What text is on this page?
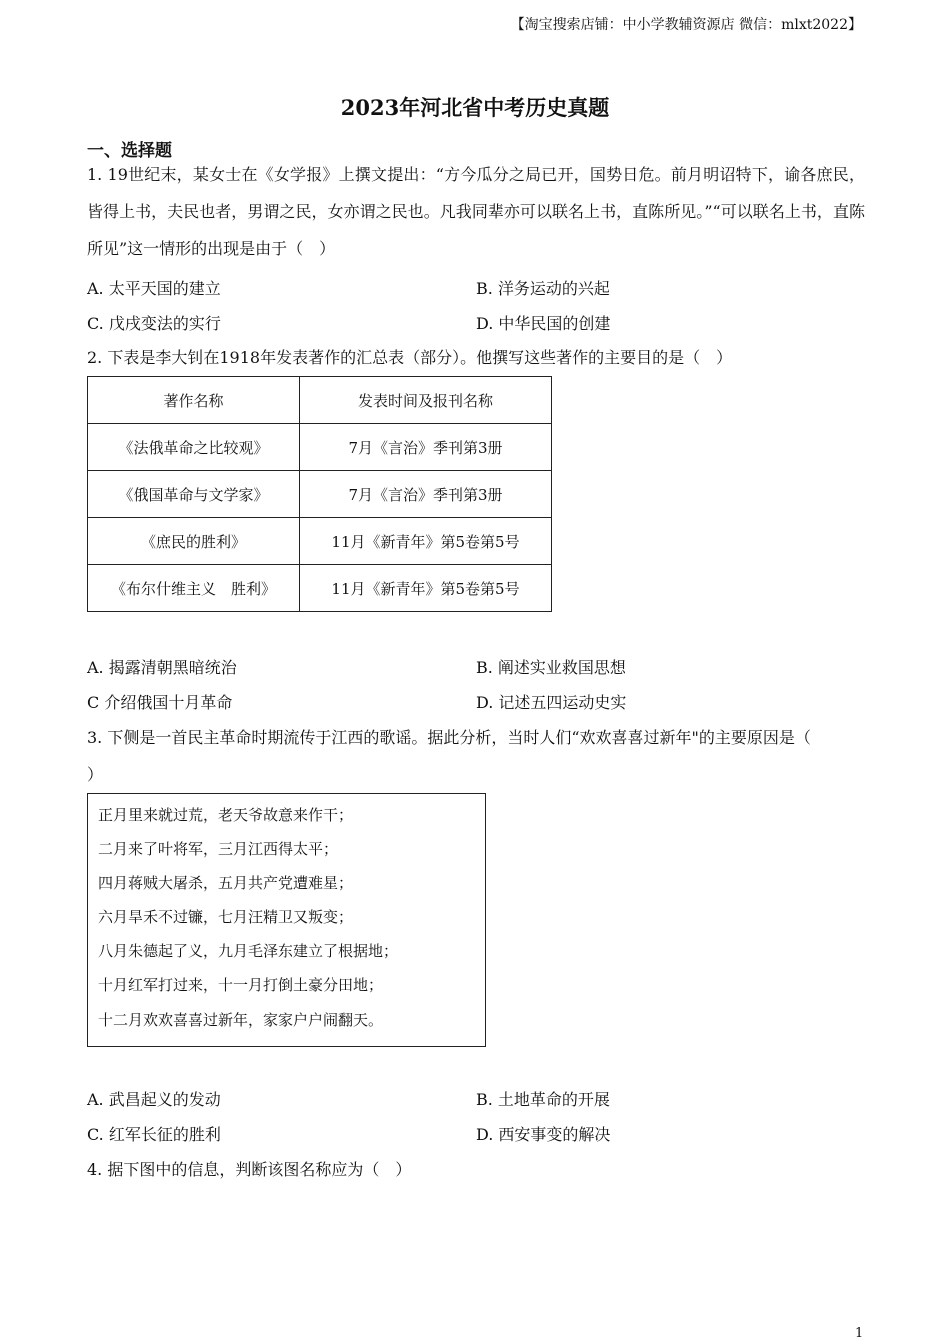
【淘宝搜索店铺：中小学教辅资源店 微信：mlxt2022】
2023年河北省中考历史真题
一、选择题

1. 19世纪末，某女士在《女学报》上撰文提出：“方今瓜分之局已开，国势日危。前月明诏特下，谕各庶民，皆得上书，夫民也者，男谓之民，女亦谓之民也。凡我同辈亦可以联名上书，直陈所见。”“可以联名上书，直陈所见”这一情形的出现是由于（　）

A. 太平天国的建立	B. 洋务运动的兴起
C. 戊戌变法的实行	D. 中华民国的创建
2. 下表是李大钊在1918年发表著作的汇总表（部分）。他撰写这些著作的主要目的是（　）
著作名称	发表时间及报刊名称
《法俄革命之比较观》	7月《言治》季刊第3册
《俄国革命与文学家》	7月《言治》季刊第3册
《庶民的胜利》	11月《新青年》第5卷第5号
《布尔什维主义　胜利》	11月《新青年》第5卷第5号
A. 揭露清朝黑暗统治	B. 阐述实业救国思想
C 介绍俄国十月革命	D. 记述五四运动史实
3. 下侧是一首民主革命时期流传于江西的歌谣。据此分析，当时人们“欢欢喜喜过新年"的主要原因是（
）
正月里来就过荒，老天爷故意来作干；
二月来了叶将军，三月江西得太平；
四月蒋贼大屠杀，五月共产党遭难星；
六月旱禾不过镰，七月汪精卫又叛变；
八月朱德起了义，九月毛泽东建立了根据地；
十月红军打过来，十一月打倒土豪分田地；
十二月欢欢喜喜过新年，家家户户闹翻天。
A. 武昌起义的发动	B. 土地革命的开展
C. 红军长征的胜利	D. 西安事变的解决
4. 据下图中的信息，判断该图名称应为（　）
1
